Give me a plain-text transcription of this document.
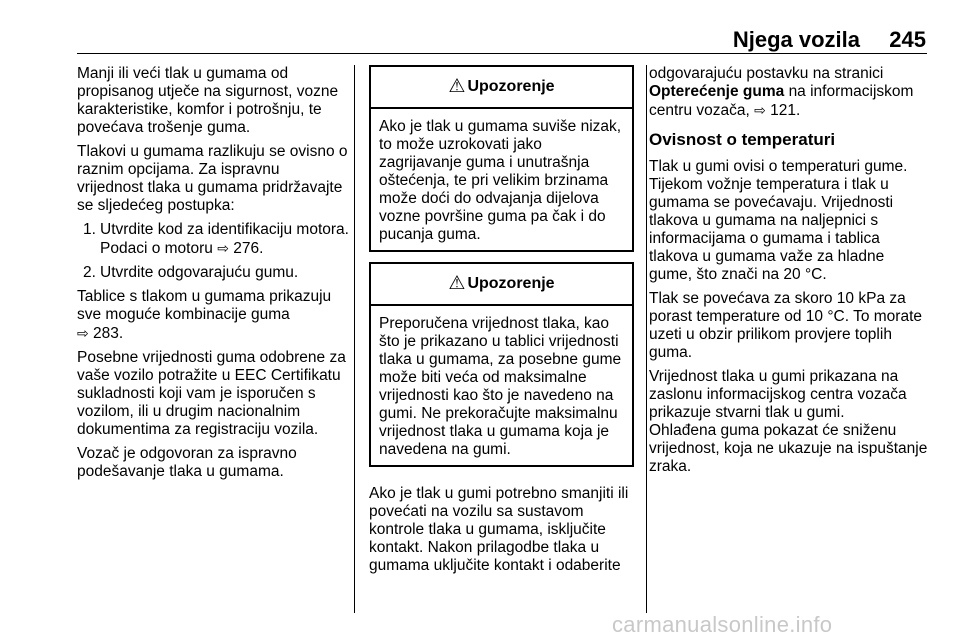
Njega vozila 245

Manji ili veći tlak u gumama od propisanog utječe na sigurnost, vozne karakteristike, komfor i potrošnju, te povećava trošenje guma.

Tlakovi u gumama razlikuju se ovisno o raznim opcijama. Za ispravnu vrijednost tlaka u gumama pridržavajte se sljedećeg postupka:

1. Utvrdite kod za identifikaciju motora. Podaci o motoru ⇨ 276.
2. Utvrdite odgovarajuću gumu.

Tablice s tlakom u gumama prikazuju sve moguće kombinacije guma
⇨ 283.

Posebne vrijednosti guma odobrene za vaše vozilo potražite u EEC Certifikatu sukladnosti koji vam je isporučen s vozilom, ili u drugim nacionalnim dokumentima za registraciju vozila.

Vozač je odgovoran za ispravno podešavanje tlaka u gumama.

⚠ Upozorenje
Ako je tlak u gumama suviše nizak, to može uzrokovati jako zagrijavanje guma i unutrašnja oštećenja, te pri velikim brzinama može doći do odvajanja dijelova vozne površine guma pa čak i do pucanja guma.
⚠ Upozorenje
Preporučena vrijednost tlaka, kao što je prikazano u tablici vrijednosti tlaka u gumama, za posebne gume može biti veća od maksimalne vrijednosti kao što je navedeno na gumi. Ne prekoračujte maksimalnu vrijednost tlaka u gumama koja je navedena na gumi.

Ako je tlak u gumi potrebno smanjiti ili povećati na vozilu sa sustavom kontrole tlaka u gumama, isključite kontakt. Nakon prilagodbe tlaka u gumama uključite kontakt i odaberite

odgovarajuću postavku na stranici Opterećenje guma na informacijskom centru vozača, ⇨ 121.

Ovisnost o temperaturi

Tlak u gumi ovisi o temperaturi gume. Tijekom vožnje temperatura i tlak u gumama se povećavaju. Vrijednosti tlakova u gumama na naljepnici s informacijama o gumama i tablica tlakova u gumama važe za hladne gume, što znači na 20 °C.

Tlak se povećava za skoro 10 kPa za porast temperature od 10 °C. To morate uzeti u obzir prilikom provjere toplih guma.

Vrijednost tlaka u gumi prikazana na zaslonu informacijskog centra vozača prikazuje stvarni tlak u gumi.

Ohlađena guma pokazat će sniženu vrijednost, koja ne ukazuje na ispuštanje zraka.

carmanualsonline.info
